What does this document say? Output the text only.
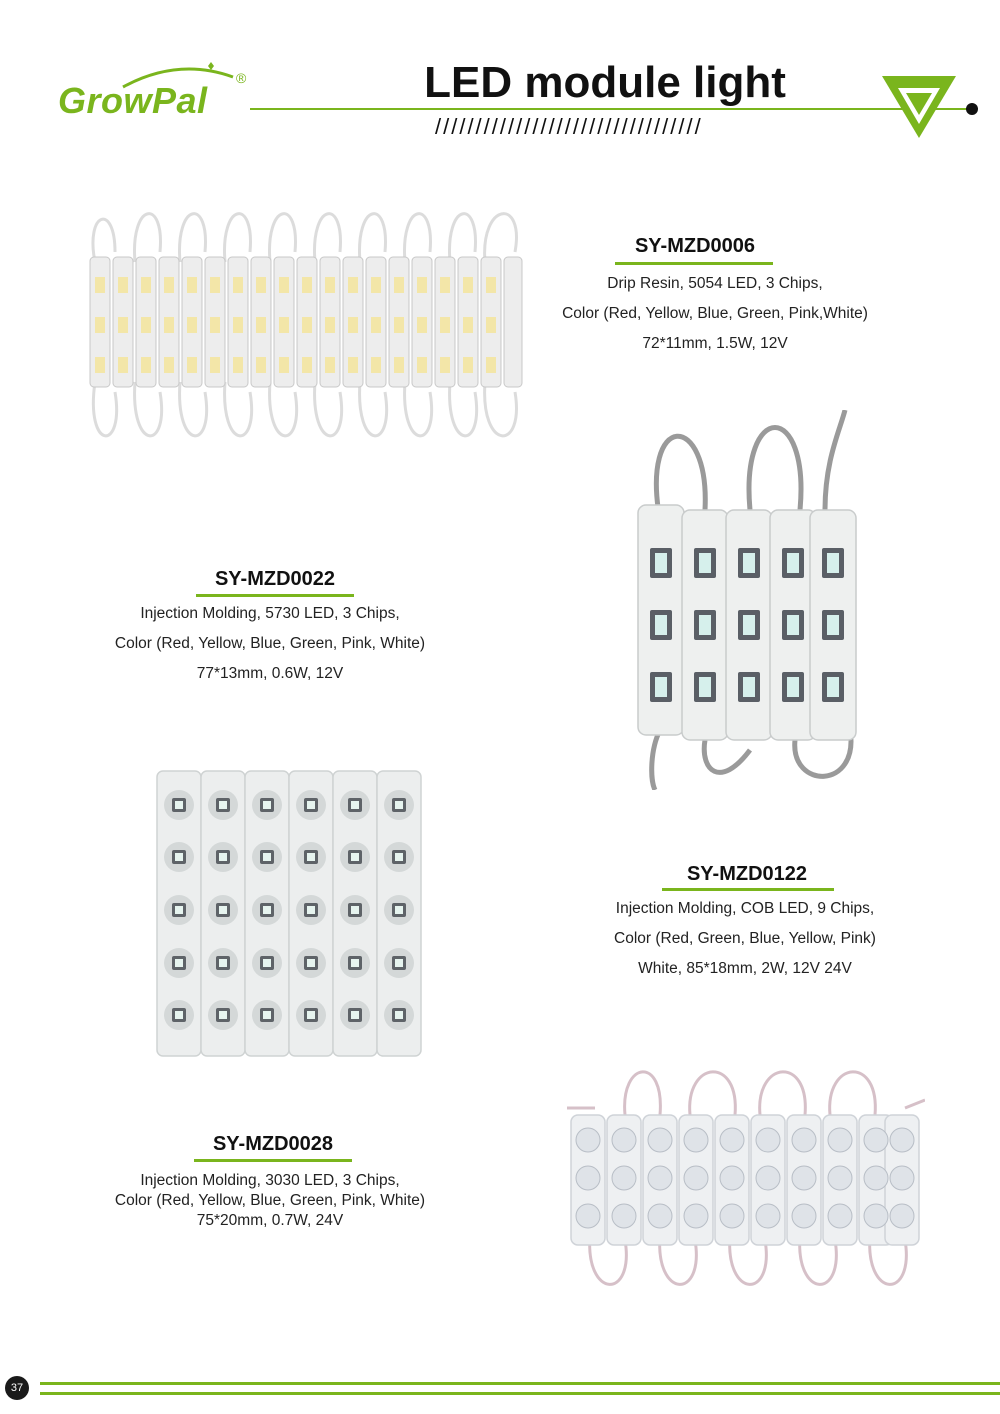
GrowPal
®	LED module light
/////////////////////////////////
SY-MZD0006
Drip Resin, 5054 LED, 3 Chips,
Color (Red, Yellow, Blue, Green, Pink,White)
72*11mm, 1.5W, 12V
SY-MZD0022
Injection Molding, 5730 LED, 3 Chips,
Color (Red, Yellow, Blue, Green, Pink, White)
77*13mm, 0.6W, 12V
SY-MZD0122
Injection Molding, COB LED, 9 Chips,
Color (Red, Green, Blue, Yellow, Pink)
White, 85*18mm, 2W, 12V 24V
SY-MZD0028
Injection Molding, 3030 LED, 3 Chips,
Color (Red, Yellow, Blue, Green, Pink, White)
75*20mm, 0.7W, 24V
37
